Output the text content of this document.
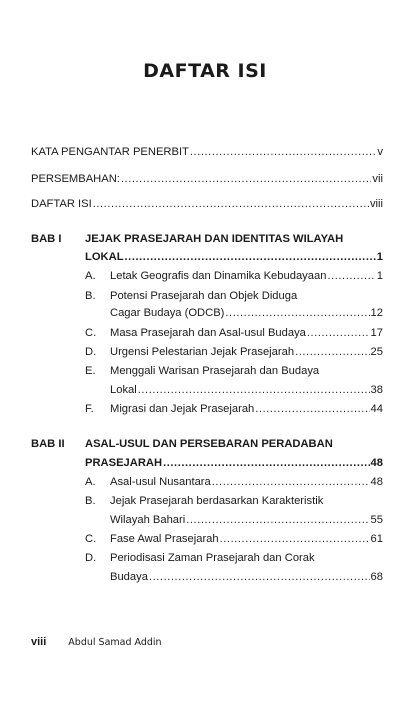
DAFTAR ISI
KATA PENGANTAR PENERBIT .....	v
PERSEMBAHAN: .....	vii
DAFTAR ISI .....	viii
BAB I JEJAK PRASEJARAH DAN IDENTITAS WILAYAH
LOKAL .....	1
A. Letak Geografis dan Dinamika Kebudayaan .....	1
B. Potensi Prasejarah dan Objek Diduga
Cagar Budaya (ODCB) .....	12
C. Masa Prasejarah dan Asal-usul Budaya .....	17
D. Urgensi Pelestarian Jejak Prasejarah .....	25
E. Menggali Warisan Prasejarah dan Budaya
Lokal .....	38
F. Migrasi dan Jejak Prasejarah .....	44
BAB II ASAL-USUL DAN PERSEBARAN PERADABAN
PRASEJARAH .....	48
A. Asal-usul Nusantara .....	48
B. Jejak Prasejarah berdasarkan Karakteristik
Wilayah Bahari .....	55
C. Fase Awal Prasejarah .....	61
D. Periodisasi Zaman Prasejarah dan Corak
Budaya .....	68
viii Abdul Samad Addin
